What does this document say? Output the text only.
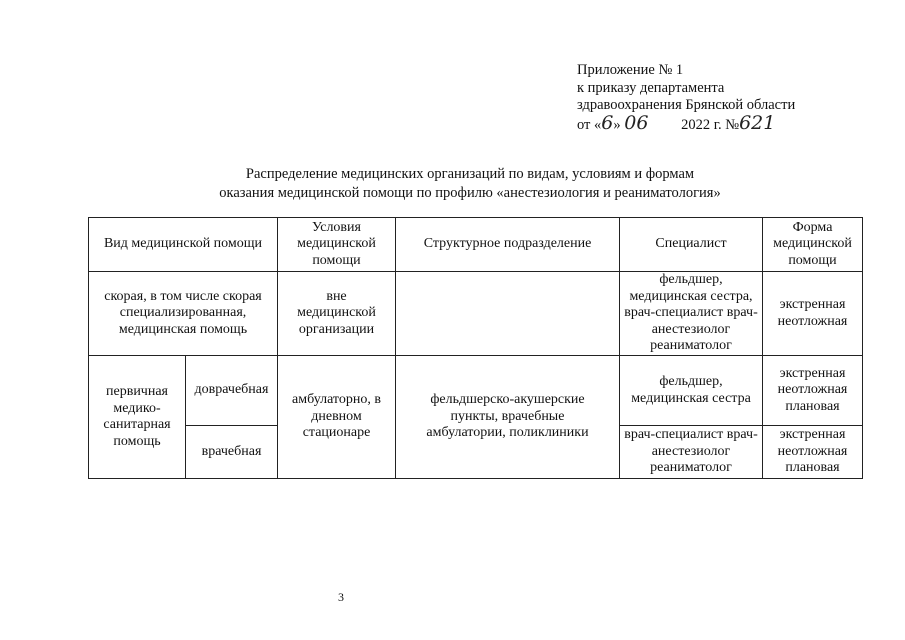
Приложение № 1
к приказу департамента
здравоохранения Брянской области
от «6» 06 2022 г. №621
Распределение медицинских организаций по видам, условиям и формам
оказания медицинской помощи по профилю «анестезиология и реаниматология»
Вид медицинской помощи		Условия медицинской помощи	Структурное подразделение	Специалист	Форма медицинской помощи
скорая, в том числе скорая специализированная, медицинская помощь		вне медицинской организации		фельдшер, медицинская сестра, врач-специалист врач-анестезиолог реаниматолог	экстренная неотложная
первичная медико-санитарная помощь	доврачебная	амбулаторно, в дневном стационаре	фельдшерско-акушерские пункты, врачебные амбулатории, поликлиники	фельдшер, медицинская сестра	экстренная неотложная плановая
	врачебная			врач-специалист врач-анестезиолог реаниматолог	экстренная неотложная плановая
3
